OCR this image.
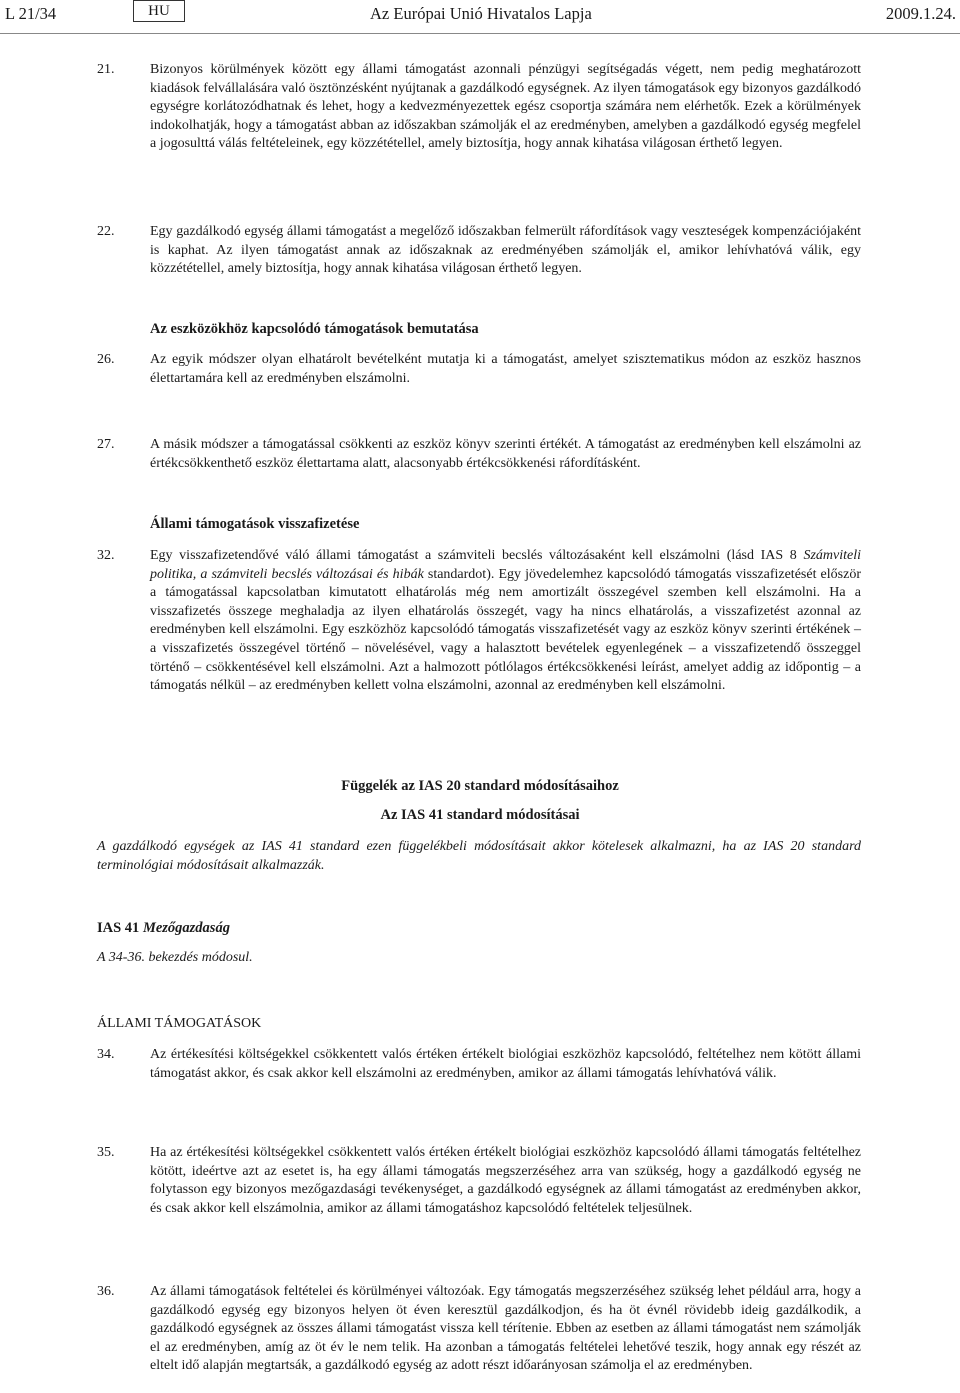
L 21/34	HU	Az Európai Unió Hivatalos Lapja	2009.1.24.
21.	Bizonyos körülmények között egy állami támogatást azonnali pénzügyi segítségadás végett, nem pedig meghatározott kiadások felvállalására való ösztönzésként nyújtanak a gazdálkodó egységnek. Az ilyen támogatások egy bizonyos gazdálkodó egységre korlátozódhatnak és lehet, hogy a kedvezményezettek egész csoportja számára nem elérhetők. Ezek a körülmények indokolhatják, hogy a támogatást abban az időszakban számolják el az eredményben, amelyben a gazdálkodó egység megfelel a jogosulttá válás feltételeinek, egy közzététellel, amely biztosítja, hogy annak kihatása világosan érthető legyen.
22.	Egy gazdálkodó egység állami támogatást a megelőző időszakban felmerült ráfordítások vagy veszteségek kompenzációjaként is kaphat. Az ilyen támogatást annak az időszaknak az eredményében számolják el, amikor lehívhatóvá válik, egy közzététellel, amely biztosítja, hogy annak kihatása világosan érthető legyen.
Az eszközökhöz kapcsolódó támogatások bemutatása
26.	Az egyik módszer olyan elhatárolt bevételként mutatja ki a támogatást, amelyet szisztematikus módon az eszköz hasznos élettartamára kell az eredményben elszámolni.
27.	A másik módszer a támogatással csökkenti az eszköz könyv szerinti értékét. A támogatást az eredményben kell elszámolni az értékcsökkenthető eszköz élettartama alatt, alacsonyabb értékcsökkenési ráfordításként.
Állami támogatások visszafizetése
32.	Egy visszafizetendővé váló állami támogatást a számviteli becslés változásaként kell elszámolni (lásd IAS 8 Számviteli politika, a számviteli becslés változásai és hibák standardot). Egy jövedelemhez kapcsolódó támogatás visszafizetését először a támogatással kapcsolatban kimutatott elhatárolás még nem amortizált összegével szemben kell elszámolni. Ha a visszafizetés összege meghaladja az ilyen elhatárolás összegét, vagy ha nincs elhatárolás, a visszafizetést azonnal az eredményben kell elszámolni. Egy eszközhöz kapcsolódó támogatás visszafizetését vagy az eszköz könyv szerinti értékének – a visszafizetés összegével történő – növelésével, vagy a halasztott bevételek egyenlegének – a visszafizetendő összeggel történő – csökkentésével kell elszámolni. Azt a halmozott pótlólagos értékcsökkenési leírást, amelyet addig az időpontig – a támogatás nélkül – az eredményben kellett volna elszámolni, azonnal az eredményben kell elszámolni.
Függelék az IAS 20 standard módosításaihoz
Az IAS 41 standard módosításai
A gazdálkodó egységek az IAS 41 standard ezen függelékbeli módosításait akkor kötelesek alkalmazni, ha az IAS 20 standard terminológiai módosításait alkalmazzák.
IAS 41 Mezőgazdaság
A 34-36. bekezdés módosul.
ÁLLAMI TÁMOGATÁSOK
34.	Az értékesítési költségekkel csökkentett valós értéken értékelt biológiai eszközhöz kapcsolódó, feltételhez nem kötött állami támogatást akkor, és csak akkor kell elszámolni az eredményben, amikor az állami támogatás lehívhatóvá válik.
35.	Ha az értékesítési költségekkel csökkentett valós értéken értékelt biológiai eszközhöz kapcsolódó állami támogatás feltételhez kötött, ideértve azt az esetet is, ha egy állami támogatás megszerzéséhez arra van szükség, hogy a gazdálkodó egység ne folytasson egy bizonyos mezőgazdasági tevékenységet, a gazdálkodó egységnek az állami támogatást az eredményben akkor, és csak akkor kell elszámolnia, amikor az állami támogatáshoz kapcsolódó feltételek teljesülnek.
36.	Az állami támogatások feltételei és körülményei változóak. Egy támogatás megszerzéséhez szükség lehet például arra, hogy a gazdálkodó egység egy bizonyos helyen öt éven keresztül gazdálkodjon, és ha öt évnél rövidebb ideig gazdálkodik, a gazdálkodó egységnek az összes állami támogatást vissza kell térítenie. Ebben az esetben az állami támogatást nem számolják el az eredményben, amíg az öt év le nem telik. Ha azonban a támogatás feltételei lehetővé teszik, hogy annak egy részét az eltelt idő alapján megtartsák, a gazdálkodó egység az adott részt időarányosan számolja el az eredményben.
